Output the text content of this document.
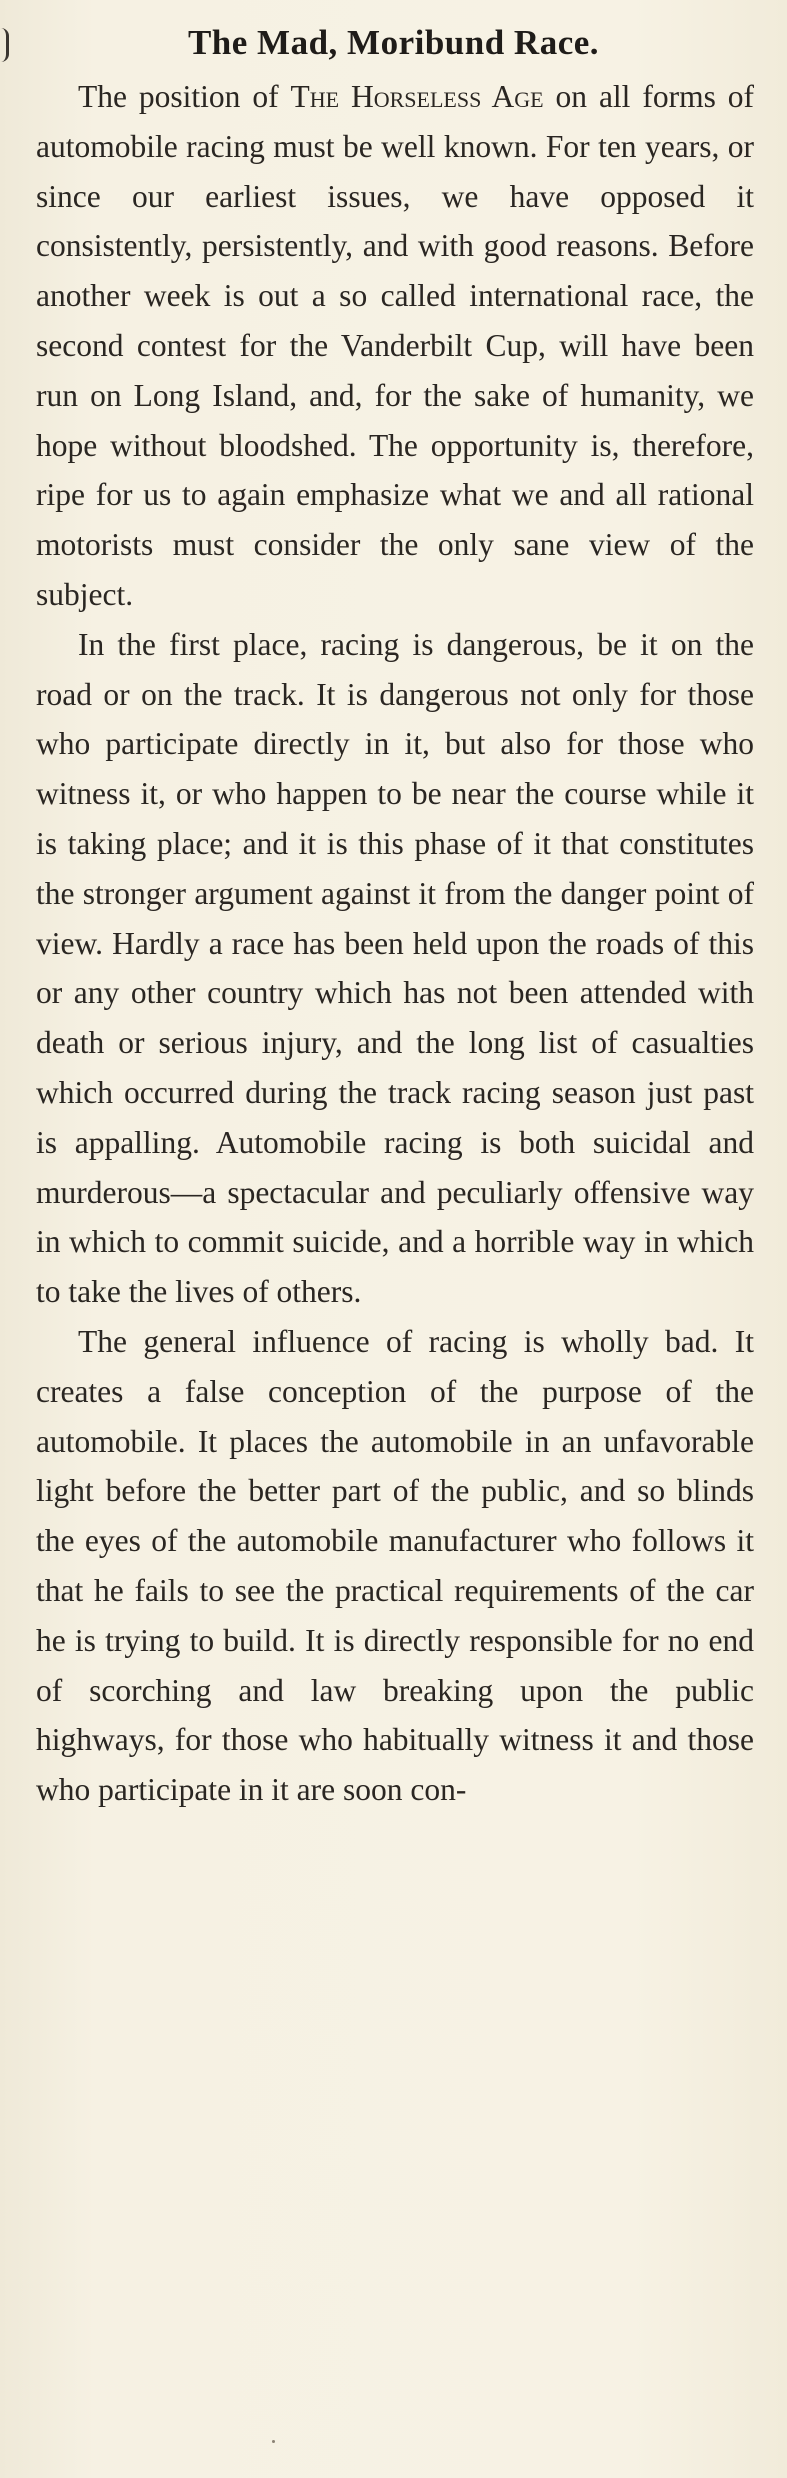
The Mad, Moribund Race.

The position of The Horseless Age on all forms of automobile racing must be well known. For ten years, or since our earliest issues, we have opposed it consistently, persistently, and with good reasons. Before another week is out a so called international race, the second contest for the Vanderbilt Cup, will have been run on Long Island, and, for the sake of humanity, we hope without bloodshed. The opportunity is, therefore, ripe for us to again emphasize what we and all rational motorists must consider the only sane view of the subject.

In the first place, racing is dangerous, be it on the road or on the track. It is dangerous not only for those who participate directly in it, but also for those who witness it, or who happen to be near the course while it is taking place; and it is this phase of it that constitutes the stronger argument against it from the danger point of view. Hardly a race has been held upon the roads of this or any other country which has not been attended with death or serious injury, and the long list of casualties which occurred during the track racing season just past is appalling. Automobile racing is both suicidal and murderous—a spectacular and peculiarly offensive way in which to commit suicide, and a horrible way in which to take the lives of others.

The general influence of racing is wholly bad. It creates a false conception of the purpose of the automobile. It places the automobile in an unfavorable light before the better part of the public, and so blinds the eyes of the automobile manufacturer who follows it that he fails to see the practical requirements of the car he is trying to build. It is directly responsible for no end of scorching and law breaking upon the public highways, for those who habitually witness it and those who participate in it are soon con-
